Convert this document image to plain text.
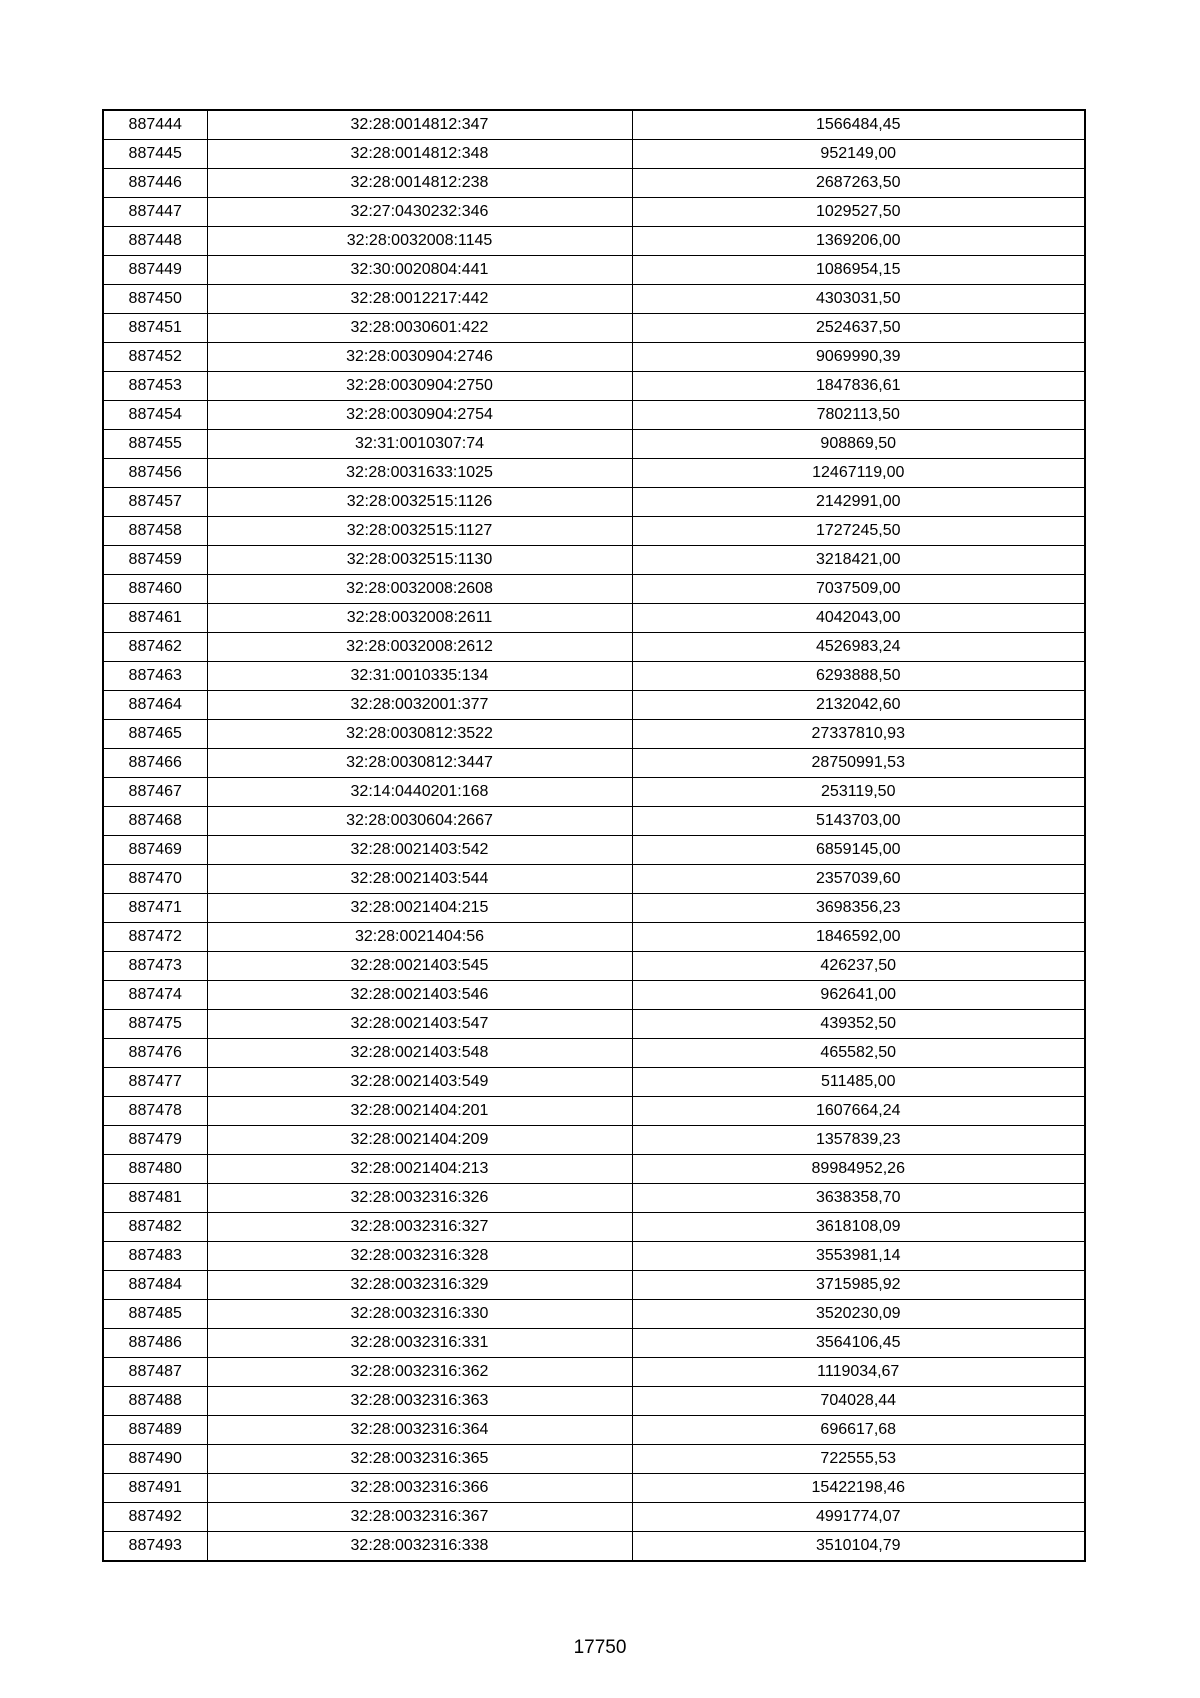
887444	32:28:0014812:347	1566484,45
887445	32:28:0014812:348	952149,00
887446	32:28:0014812:238	2687263,50
887447	32:27:0430232:346	1029527,50
887448	32:28:0032008:1145	1369206,00
887449	32:30:0020804:441	1086954,15
887450	32:28:0012217:442	4303031,50
887451	32:28:0030601:422	2524637,50
887452	32:28:0030904:2746	9069990,39
887453	32:28:0030904:2750	1847836,61
887454	32:28:0030904:2754	7802113,50
887455	32:31:0010307:74	908869,50
887456	32:28:0031633:1025	12467119,00
887457	32:28:0032515:1126	2142991,00
887458	32:28:0032515:1127	1727245,50
887459	32:28:0032515:1130	3218421,00
887460	32:28:0032008:2608	7037509,00
887461	32:28:0032008:2611	4042043,00
887462	32:28:0032008:2612	4526983,24
887463	32:31:0010335:134	6293888,50
887464	32:28:0032001:377	2132042,60
887465	32:28:0030812:3522	27337810,93
887466	32:28:0030812:3447	28750991,53
887467	32:14:0440201:168	253119,50
887468	32:28:0030604:2667	5143703,00
887469	32:28:0021403:542	6859145,00
887470	32:28:0021403:544	2357039,60
887471	32:28:0021404:215	3698356,23
887472	32:28:0021404:56	1846592,00
887473	32:28:0021403:545	426237,50
887474	32:28:0021403:546	962641,00
887475	32:28:0021403:547	439352,50
887476	32:28:0021403:548	465582,50
887477	32:28:0021403:549	511485,00
887478	32:28:0021404:201	1607664,24
887479	32:28:0021404:209	1357839,23
887480	32:28:0021404:213	89984952,26
887481	32:28:0032316:326	3638358,70
887482	32:28:0032316:327	3618108,09
887483	32:28:0032316:328	3553981,14
887484	32:28:0032316:329	3715985,92
887485	32:28:0032316:330	3520230,09
887486	32:28:0032316:331	3564106,45
887487	32:28:0032316:362	1119034,67
887488	32:28:0032316:363	704028,44
887489	32:28:0032316:364	696617,68
887490	32:28:0032316:365	722555,53
887491	32:28:0032316:366	15422198,46
887492	32:28:0032316:367	4991774,07
887493	32:28:0032316:338	3510104,79
17750
